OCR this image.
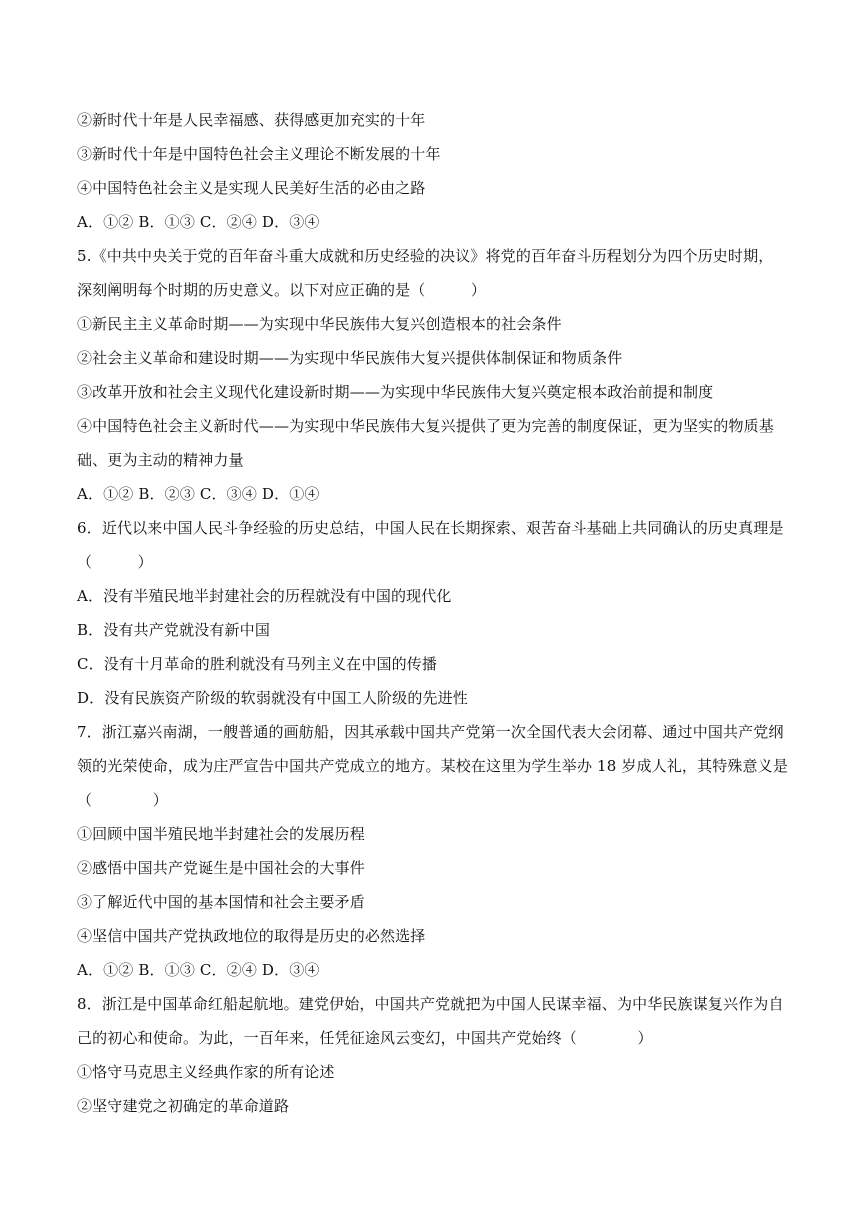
②新时代十年是人民幸福感、获得感更加充实的十年
③新时代十年是中国特色社会主义理论不断发展的十年
④中国特色社会主义是实现人民美好生活的必由之路
A．①② B．①③ C．②④ D．③④
5.《中共中央关于党的百年奋斗重大成就和历史经验的决议》将党的百年奋斗历程划分为四个历史时期，
深刻阐明每个时期的历史意义。以下对应正确的是（　　　）
①新民主主义革命时期——为实现中华民族伟大复兴创造根本的社会条件
②社会主义革命和建设时期——为实现中华民族伟大复兴提供体制保证和物质条件
③改革开放和社会主义现代化建设新时期——为实现中华民族伟大复兴奠定根本政治前提和制度
④中国特色社会主义新时代——为实现中华民族伟大复兴提供了更为完善的制度保证，更为坚实的物质基
础、更为主动的精神力量
A．①② B．②③ C．③④ D．①④
6．近代以来中国人民斗争经验的历史总结，中国人民在长期探索、艰苦奋斗基础上共同确认的历史真理是
（　　　）
A．没有半殖民地半封建社会的历程就没有中国的现代化
B．没有共产党就没有新中国
C．没有十月革命的胜利就没有马列主义在中国的传播
D．没有民族资产阶级的软弱就没有中国工人阶级的先进性
7．浙江嘉兴南湖，一艘普通的画舫船，因其承载中国共产党第一次全国代表大会闭幕、通过中国共产党纲
领的光荣使命，成为庄严宣告中国共产党成立的地方。某校在这里为学生举办 18 岁成人礼，其特殊意义是
（　　　　）
①回顾中国半殖民地半封建社会的发展历程
②感悟中国共产党诞生是中国社会的大事件
③了解近代中国的基本国情和社会主要矛盾
④坚信中国共产党执政地位的取得是历史的必然选择
A．①② B．①③ C．②④ D．③④
8．浙江是中国革命红船起航地。建党伊始，中国共产党就把为中国人民谋幸福、为中华民族谋复兴作为自
己的初心和使命。为此，一百年来，任凭征途风云变幻，中国共产党始终（　　　　）
①恪守马克思主义经典作家的所有论述
②坚守建党之初确定的革命道路
